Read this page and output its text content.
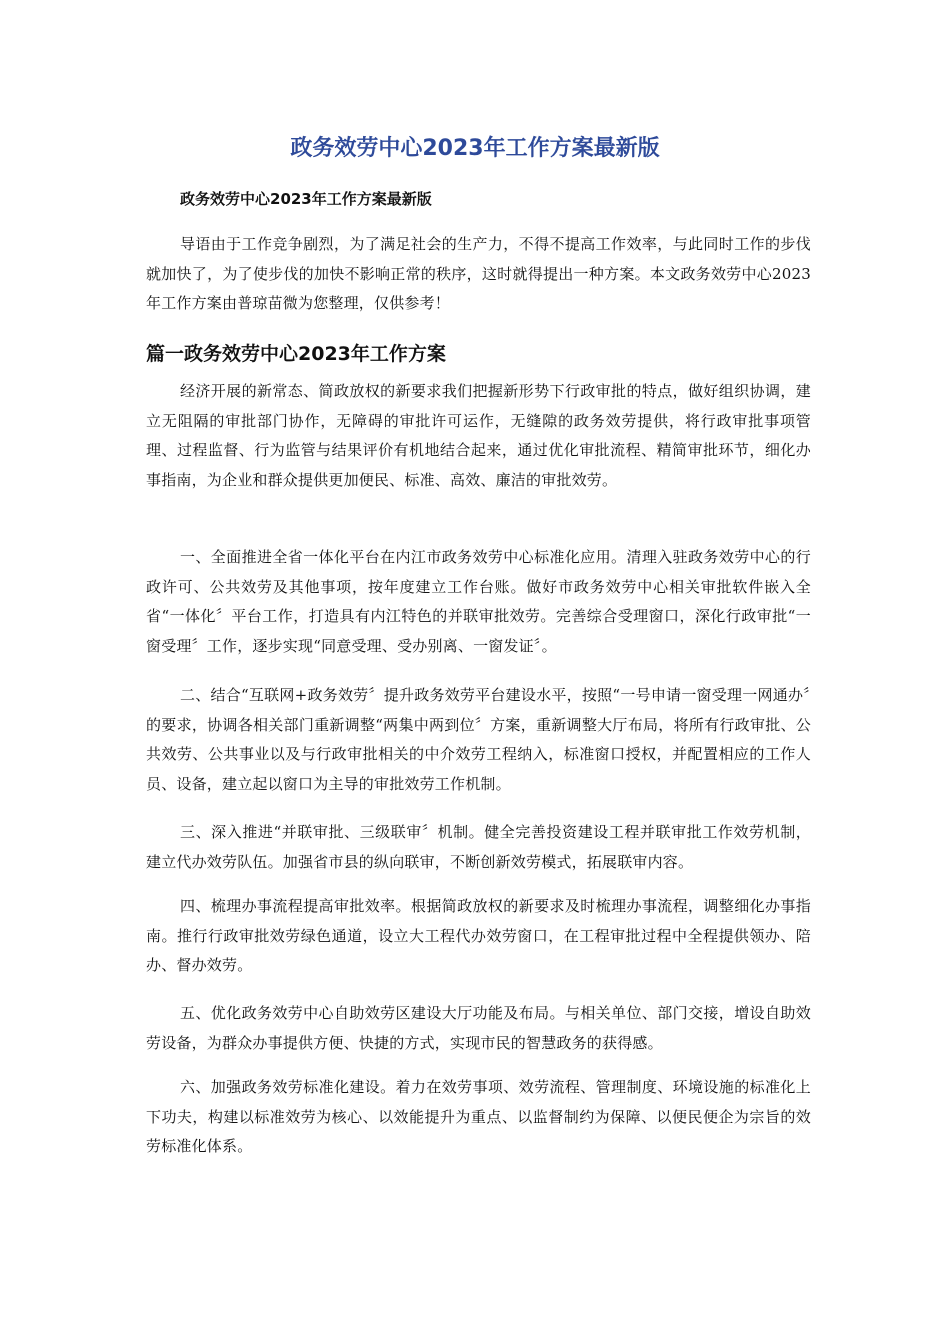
政务效劳中心2023年工作方案最新版

政务效劳中心2023年工作方案最新版

导语由于工作竞争剧烈，为了满足社会的生产力，不得不提高工作效率，与此同时工作的步伐就加快了，为了使步伐的加快不影响正常的秩序，这时就得提出一种方案。本文政务效劳中心2023年工作方案由普琼苗微为您整理，仅供参考！

篇一政务效劳中心2023年工作方案

经济开展的新常态、简政放权的新要求我们把握新形势下行政审批的特点，做好组织协调，建立无阻隔的审批部门协作，无障碍的审批许可运作，无缝隙的政务效劳提供，将行政审批事项管理、过程监督、行为监管与结果评价有机地结合起来，通过优化审批流程、精简审批环节，细化办事指南，为企业和群众提供更加便民、标准、高效、廉洁的审批效劳。

一、全面推进全省一体化平台在内江市政务效劳中心标准化应用。清理入驻政务效劳中心的行政许可、公共效劳及其他事项，按年度建立工作台账。做好市政务效劳中心相关审批软件嵌入全省“一体化〞平台工作，打造具有内江特色的并联审批效劳。完善综合受理窗口，深化行政审批“一窗受理〞工作，逐步实现“同意受理、受办别离、一窗发证〞。

二、结合“互联网+政务效劳〞提升政务效劳平台建设水平，按照“一号申请一窗受理一网通办〞的要求，协调各相关部门重新调整“两集中两到位〞方案，重新调整大厅布局，将所有行政审批、公共效劳、公共事业以及与行政审批相关的中介效劳工程纳入，标准窗口授权，并配置相应的工作人员、设备，建立起以窗口为主导的审批效劳工作机制。

三、深入推进“并联审批、三级联审〞机制。健全完善投资建设工程并联审批工作效劳机制，建立代办效劳队伍。加强省市县的纵向联审，不断创新效劳模式，拓展联审内容。

四、梳理办事流程提高审批效率。根据简政放权的新要求及时梳理办事流程，调整细化办事指南。推行行政审批效劳绿色通道，设立大工程代办效劳窗口，在工程审批过程中全程提供领办、陪办、督办效劳。

五、优化政务效劳中心自助效劳区建设大厅功能及布局。与相关单位、部门交接，增设自助效劳设备，为群众办事提供方便、快捷的方式，实现市民的智慧政务的获得感。

六、加强政务效劳标准化建设。着力在效劳事项、效劳流程、管理制度、环境设施的标准化上下功夫，构建以标准效劳为核心、以效能提升为重点、以监督制约为保障、以便民便企为宗旨的效劳标准化体系。
